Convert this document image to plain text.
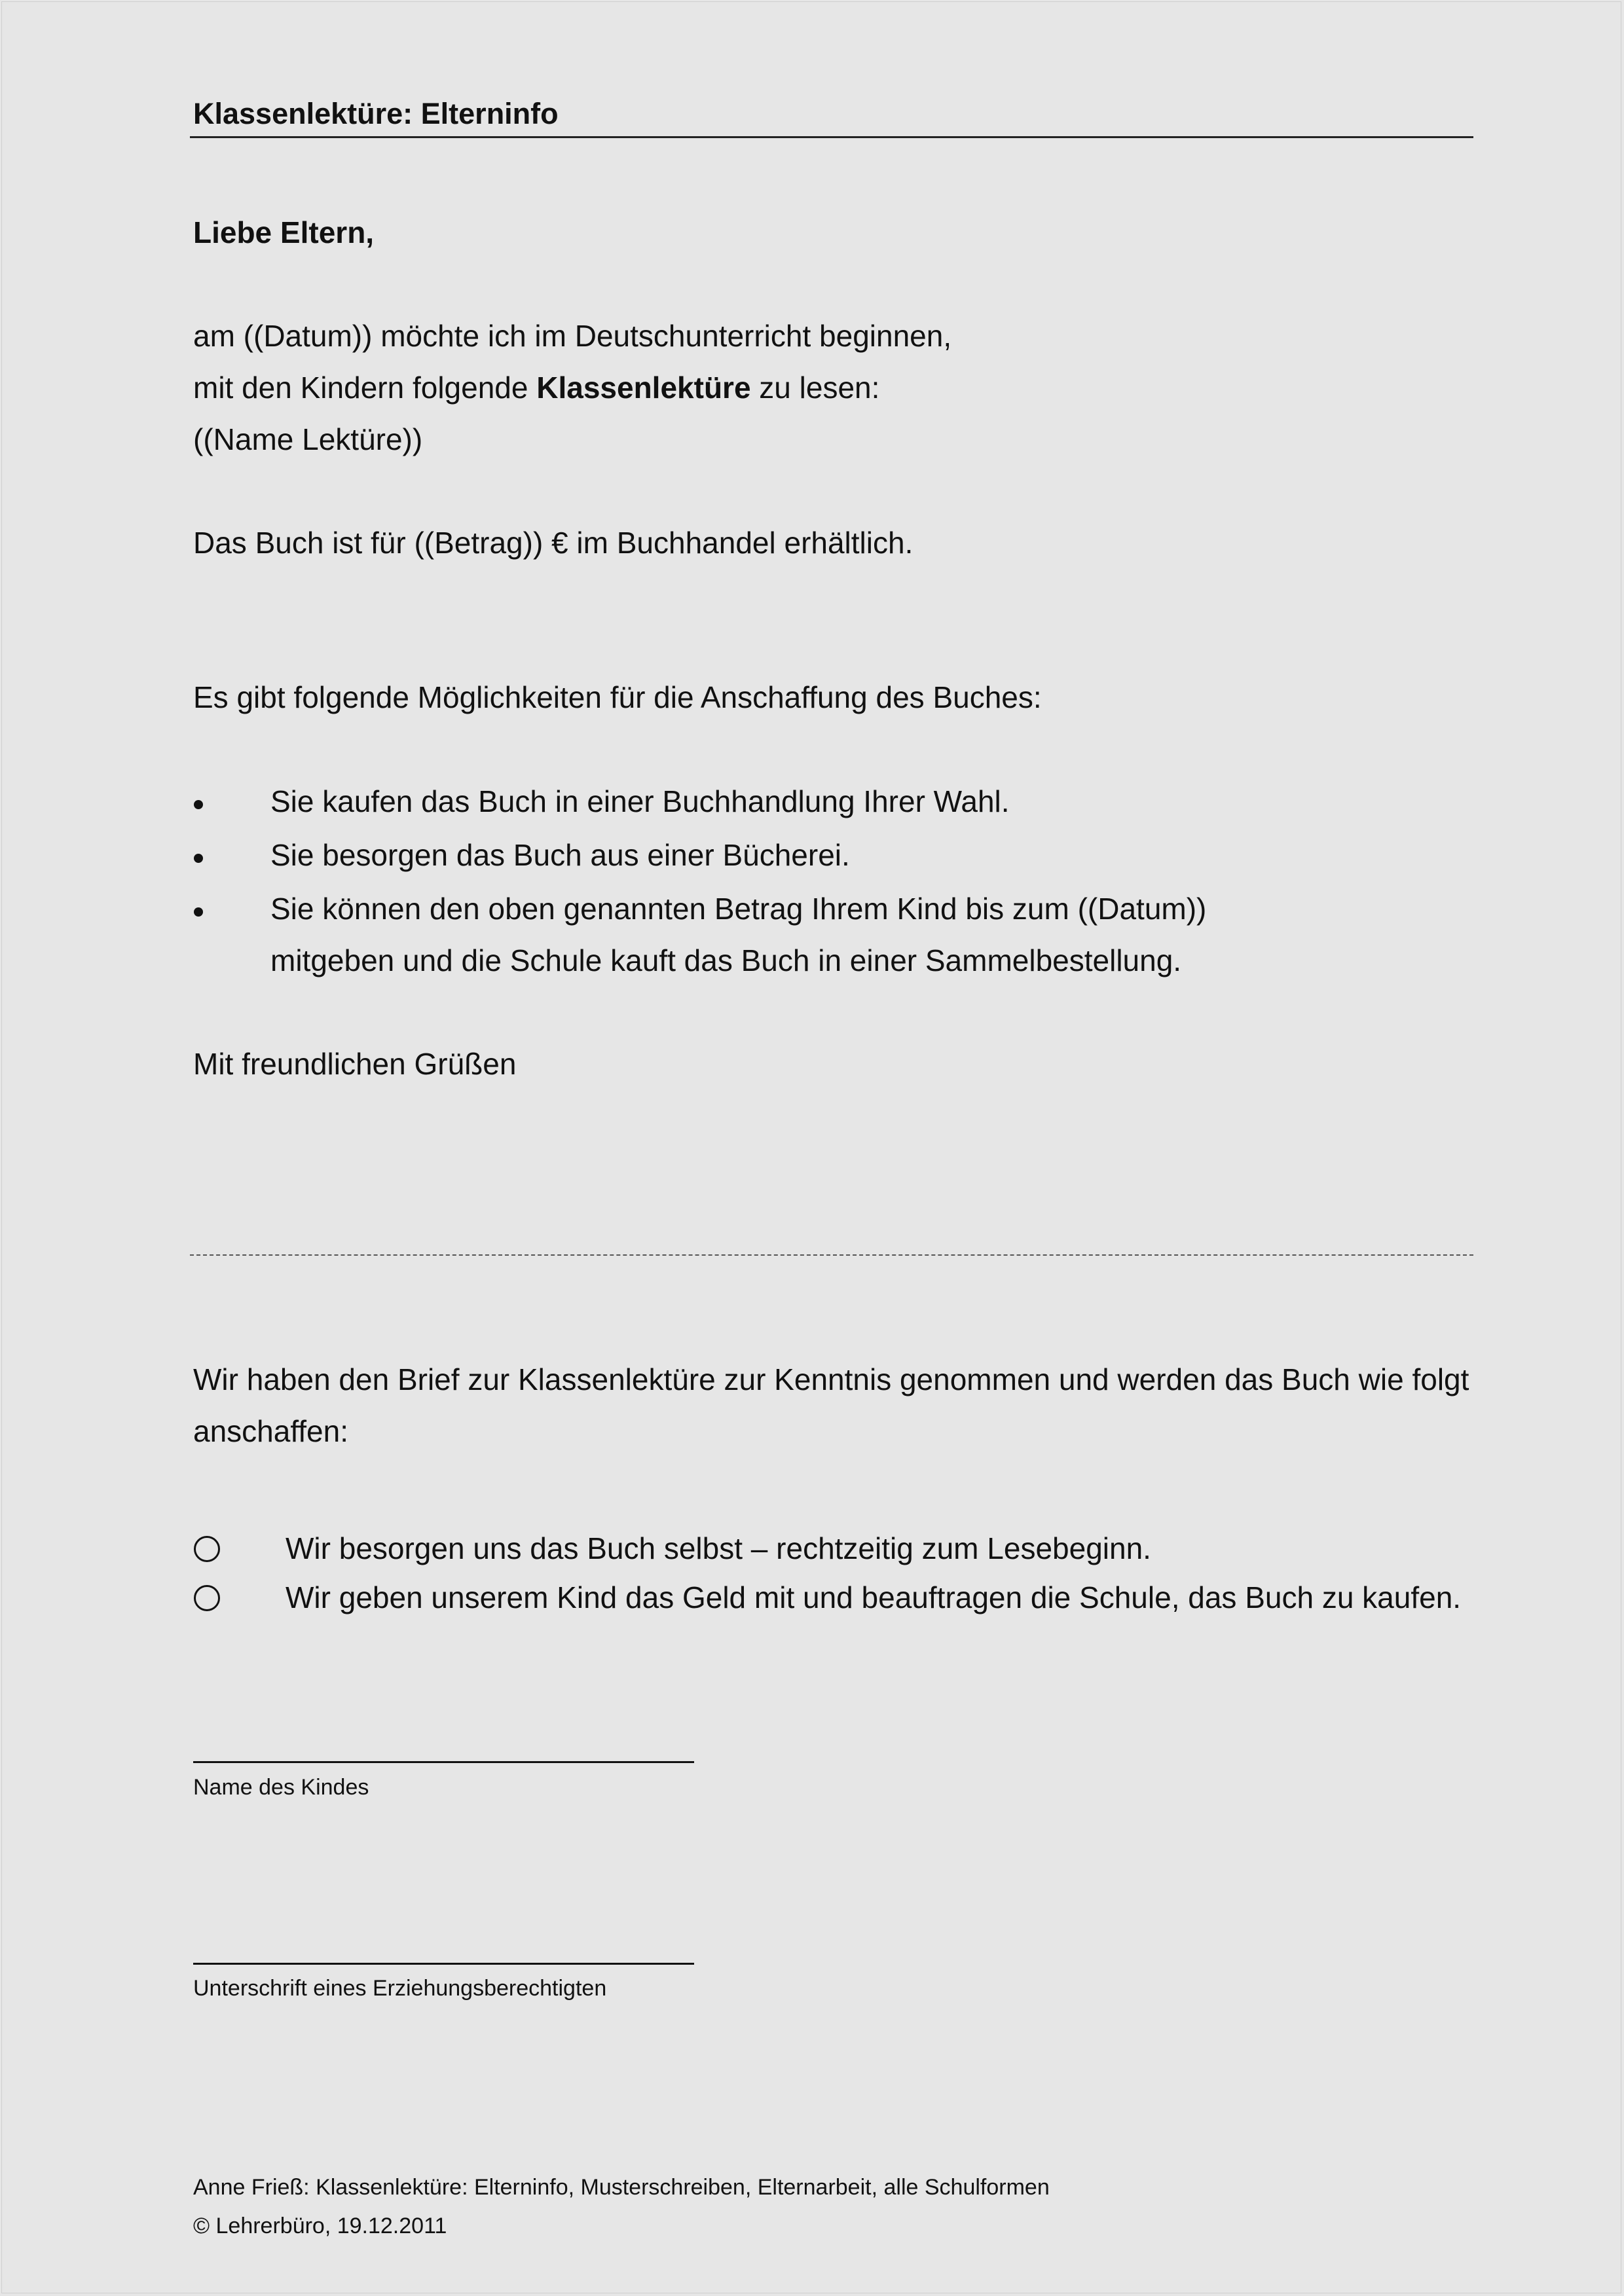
Klassenlektüre: Elterninfo
Liebe Eltern,
am ((Datum)) möchte ich im Deutschunterricht beginnen,
mit den Kindern folgende Klassenlektüre zu lesen:
((Name Lektüre))
Das Buch ist für ((Betrag)) € im Buchhandel erhältlich.
Es gibt folgende Möglichkeiten für die Anschaffung des Buches:
Sie kaufen das Buch in einer Buchhandlung Ihrer Wahl.
Sie besorgen das Buch aus einer Bücherei.
Sie können den oben genannten Betrag Ihrem Kind bis zum ((Datum))
mitgeben und die Schule kauft das Buch in einer Sammelbestellung.
Mit freundlichen Grüßen
Wir haben den Brief zur Klassenlektüre zur Kenntnis genommen und werden das Buch wie folgt
anschaffen:
Wir besorgen uns das Buch selbst – rechtzeitig zum Lesebeginn.
Wir geben unserem Kind das Geld mit und beauftragen die Schule, das Buch zu kaufen.
Name des Kindes
Unterschrift eines Erziehungsberechtigten
Anne Frieß: Klassenlektüre: Elterninfo, Musterschreiben, Elternarbeit, alle Schulformen
© Lehrerbüro, 19.12.2011
